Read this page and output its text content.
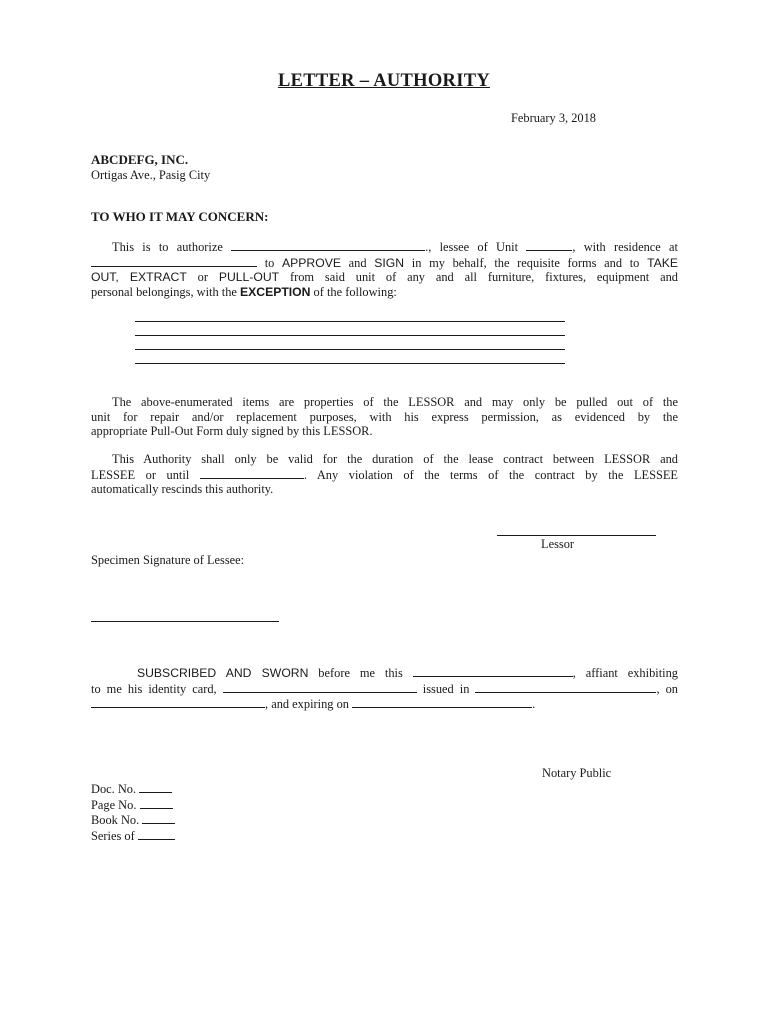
LETTER – AUTHORITY
February 3, 2018
ABCDEFG, INC.
Ortigas Ave., Pasig City
TO WHO IT MAY CONCERN:
This is to authorize	., lessee of Unit	, with residence at
to APPROVE and SIGN in my behalf, the requisite forms and to TAKE
OUT, EXTRACT or PULL-OUT from said unit of any and all furniture, fixtures, equipment and
personal belongings, with the EXCEPTION of the following:
The above-enumerated items are properties of the LESSOR and may only be pulled out of the
unit for repair and/or replacement purposes, with his express permission, as evidenced by the
appropriate Pull-Out Form duly signed by this LESSOR.
This Authority shall only be valid for the duration of the lease contract between LESSOR and
LESSEE or until	. Any violation of the terms of the contract by the LESSEE
automatically rescinds this authority.
Lessor
Specimen Signature of Lessee:
SUBSCRIBED AND SWORN before me this	, affiant exhibiting
to me his identity card,	issued in	, on
, and expiring on	.
Notary Public
Doc. No.
Page No.
Book No.
Series of
